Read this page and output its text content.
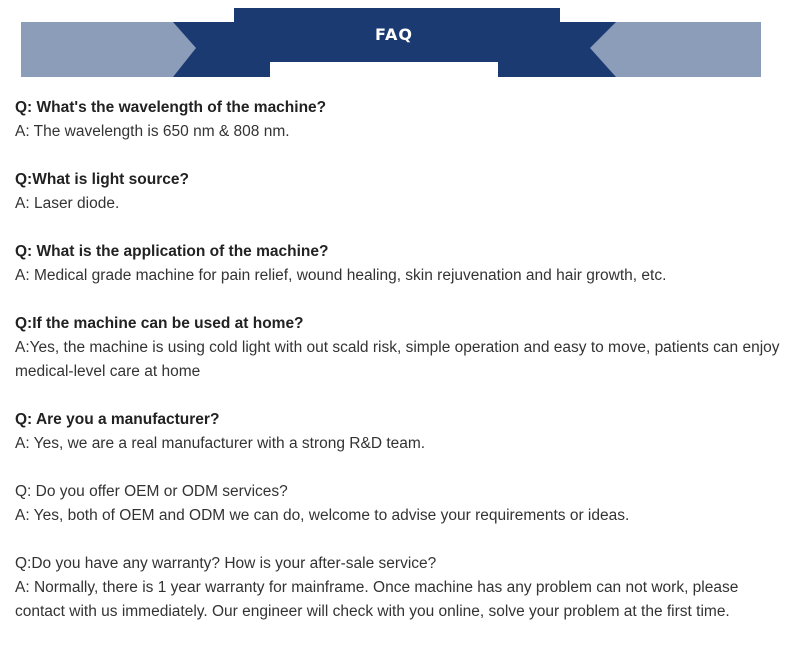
FAQ

Q: What's the wavelength of the machine?

A: The wavelength is 650 nm & 808 nm.

Q:What is light source?

A: Laser diode.

Q: What is the application of the machine?

A: Medical grade machine for pain relief, wound healing, skin rejuvenation and hair growth, etc.

Q:If the machine can be used at home?

A:Yes, the machine is using cold light with out scald risk, simple operation and easy to move, patients can enjoy medical-level care at home

Q: Are you a manufacturer?

A: Yes, we are a real manufacturer with a strong R&D team.

Q: Do you offer OEM or ODM services?

A: Yes, both of OEM and ODM we can do, welcome to advise your requirements or ideas.

Q:Do you have any warranty? How is your after-sale service?

A: Normally, there is 1 year warranty for mainframe. Once machine has any problem can not work, please contact with us immediately. Our engineer will check with you online, solve your problem at the first time.
